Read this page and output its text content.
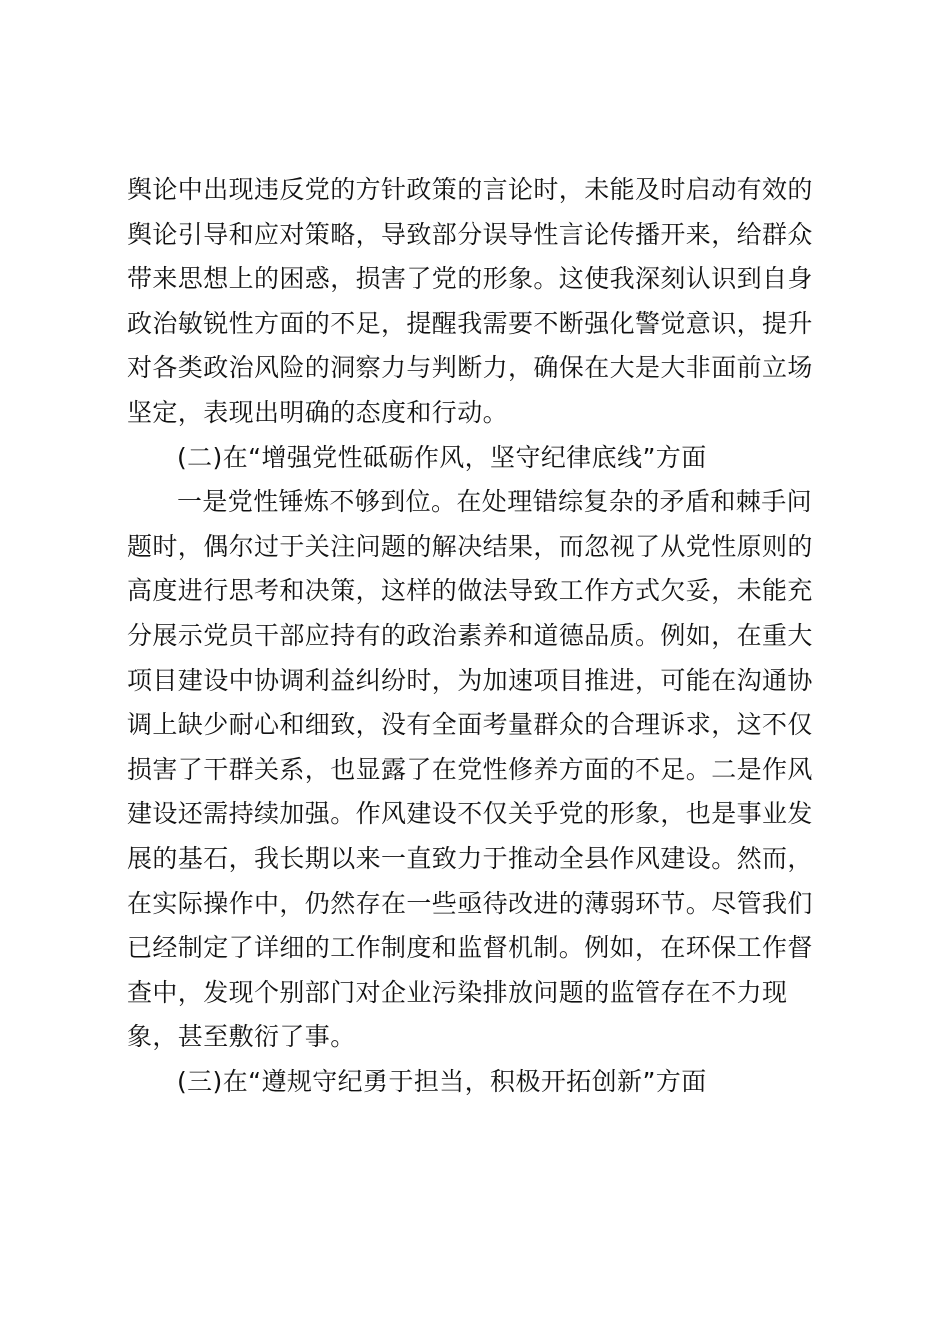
舆论中出现违反党的方针政策的言论时，未能及时启动有效的
舆论引导和应对策略，导致部分误导性言论传播开来，给群众
带来思想上的困惑，损害了党的形象。这使我深刻认识到自身
政治敏锐性方面的不足，提醒我需要不断强化警觉意识，提升
对各类政治风险的洞察力与判断力，确保在大是大非面前立场
坚定，表现出明确的态度和行动。

(二)在“增强党性砥砺作风，坚守纪律底线”方面

一是党性锤炼不够到位。在处理错综复杂的矛盾和棘手问
题时，偶尔过于关注问题的解决结果，而忽视了从党性原则的
高度进行思考和决策，这样的做法导致工作方式欠妥，未能充
分展示党员干部应持有的政治素养和道德品质。例如，在重大
项目建设中协调利益纠纷时，为加速项目推进，可能在沟通协
调上缺少耐心和细致，没有全面考量群众的合理诉求，这不仅
损害了干群关系，也显露了在党性修养方面的不足。二是作风
建设还需持续加强。作风建设不仅关乎党的形象，也是事业发
展的基石，我长期以来一直致力于推动全县作风建设。然而，
在实际操作中，仍然存在一些亟待改进的薄弱环节。尽管我们
已经制定了详细的工作制度和监督机制。例如，在环保工作督
查中，发现个别部门对企业污染排放问题的监管存在不力现
象，甚至敷衍了事。

(三)在“遵规守纪勇于担当，积极开拓创新”方面
